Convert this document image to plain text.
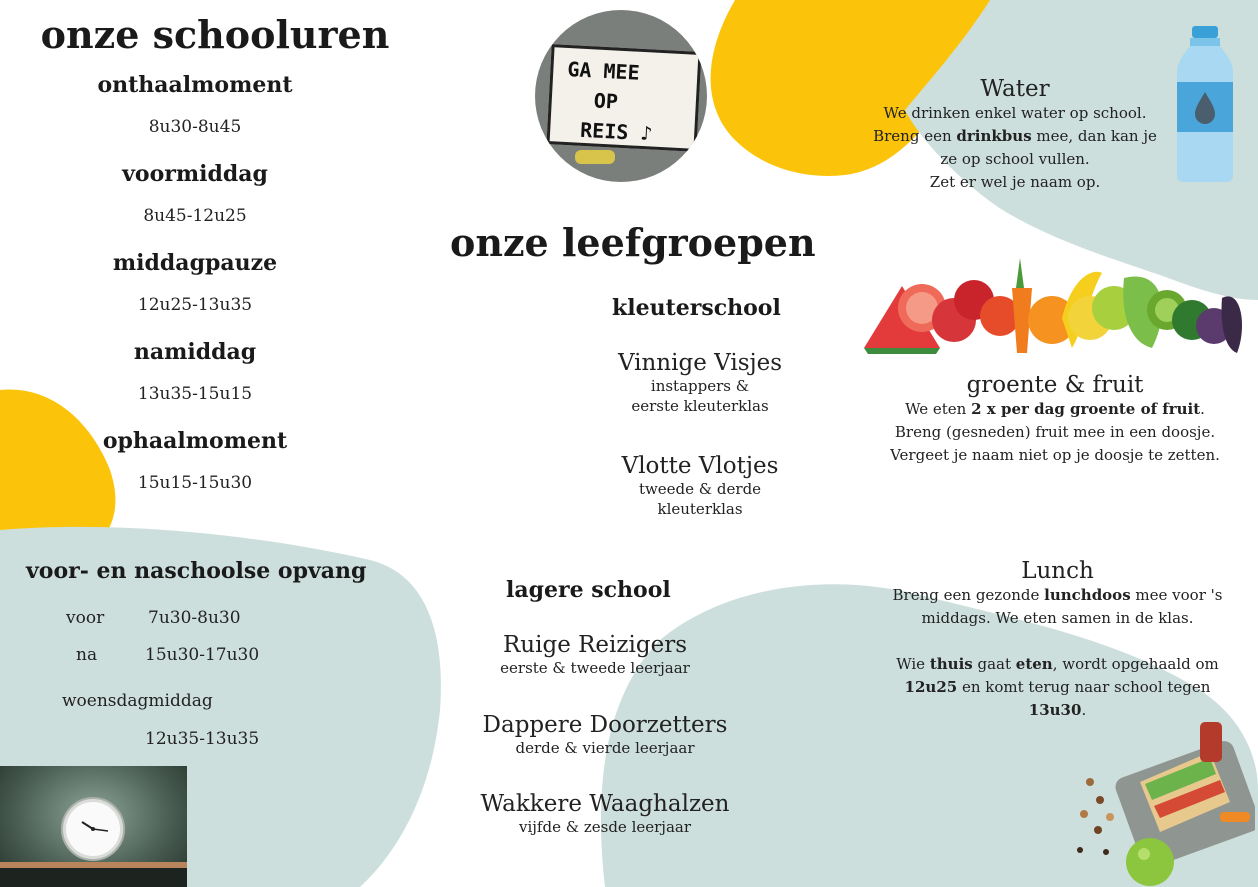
onze schooluren
onthaalmoment
8u30-8u45
voormiddag
8u45-12u25
middagpauze
12u25-13u35
namiddag
13u35-15u15
ophaalmoment
15u15-15u30
voor- en naschoolse opvang
voor	7u30-8u30
na	15u30-17u30
woensdagmiddag
12u35-13u35
GA MEE
OP
REIS ♪
onze leefgroepen
kleuterschool
Vinnige Visjes
instappers &
eerste kleuterklas
Vlotte Vlotjes
tweede & derde
kleuterklas
lagere school
Ruige Reizigers
eerste & tweede leerjaar
Dappere Doorzetters
derde & vierde leerjaar
Wakkere Waaghalzen
vijfde & zesde leerjaar
Water
We drinken enkel water op school.
Breng een drinkbus mee, dan kan je
ze op school vullen.
Zet er wel je naam op.
groente & fruit
We eten 2 x per dag groente of fruit.
Breng (gesneden) fruit mee in een doosje.
Vergeet je naam niet op je doosje te zetten.
Lunch
Breng een gezonde lunchdoos mee voor 's
middags. We eten samen in de klas.
Wie thuis gaat eten, wordt opgehaald om
12u25 en komt terug naar school tegen
13u30.
